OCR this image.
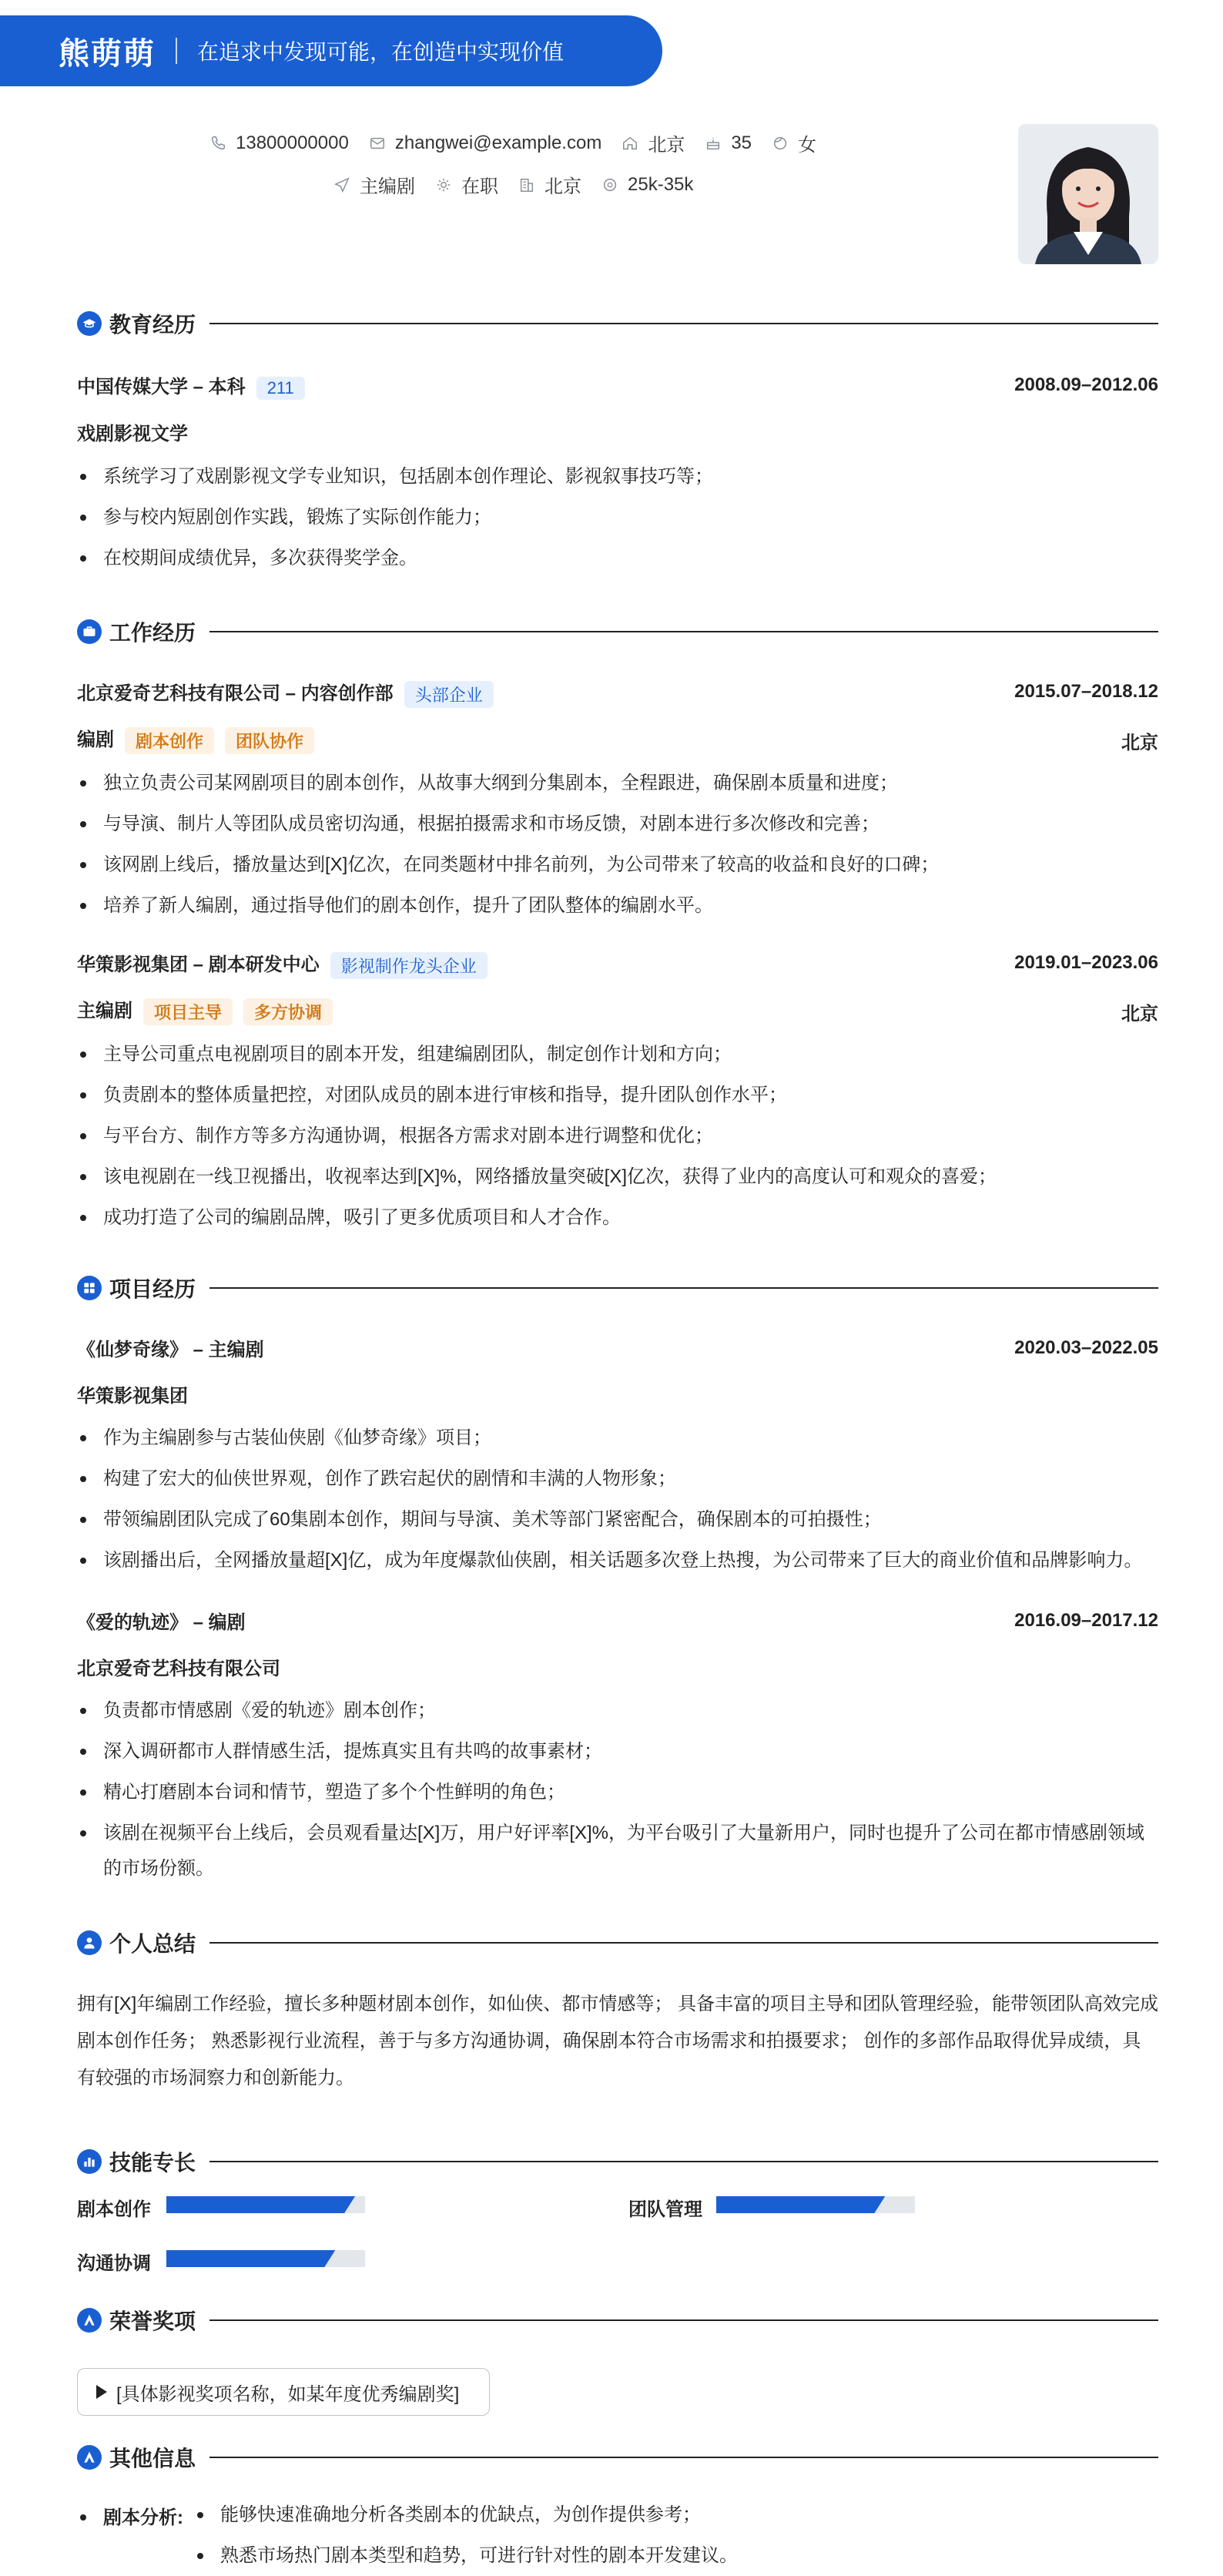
熊萌萌 在追求中发现可能，在创造中实现价值
13800000000	zhangwei@example.com	北京	35	女
主编剧	在职	北京	25k-35k
教育经历
中国传媒大学 – 本科 211	2008.09–2012.06
戏剧影视文学
系统学习了戏剧影视文学专业知识，包括剧本创作理论、影视叙事技巧等；
参与校内短剧创作实践，锻炼了实际创作能力；
在校期间成绩优异，多次获得奖学金。
工作经历
北京爱奇艺科技有限公司 – 内容创作部 头部企业	2015.07–2018.12
编剧 剧本创作 团队协作	北京
独立负责公司某网剧项目的剧本创作，从故事大纲到分集剧本，全程跟进，确保剧本质量和进度；
与导演、制片人等团队成员密切沟通，根据拍摄需求和市场反馈，对剧本进行多次修改和完善；
该网剧上线后，播放量达到[X]亿次，在同类题材中排名前列，为公司带来了较高的收益和良好的口碑；
培养了新人编剧，通过指导他们的剧本创作，提升了团队整体的编剧水平。
华策影视集团 – 剧本研发中心 影视制作龙头企业	2019.01–2023.06
主编剧 项目主导 多方协调	北京
主导公司重点电视剧项目的剧本开发，组建编剧团队，制定创作计划和方向；
负责剧本的整体质量把控，对团队成员的剧本进行审核和指导，提升团队创作水平；
与平台方、制作方等多方沟通协调，根据各方需求对剧本进行调整和优化；
该电视剧在一线卫视播出，收视率达到[X]%，网络播放量突破[X]亿次，获得了业内的高度认可和观众的喜爱；
成功打造了公司的编剧品牌，吸引了更多优质项目和人才合作。
项目经历
《仙梦奇缘》 – 主编剧	2020.03–2022.05
华策影视集团
作为主编剧参与古装仙侠剧《仙梦奇缘》项目；
构建了宏大的仙侠世界观，创作了跌宕起伏的剧情和丰满的人物形象；
带领编剧团队完成了60集剧本创作，期间与导演、美术等部门紧密配合，确保剧本的可拍摄性；
该剧播出后，全网播放量超[X]亿，成为年度爆款仙侠剧，相关话题多次登上热搜，为公司带来了巨大的商业价值和品牌影响力。
《爱的轨迹》 – 编剧	2016.09–2017.12
北京爱奇艺科技有限公司
负责都市情感剧《爱的轨迹》剧本创作；
深入调研都市人群情感生活，提炼真实且有共鸣的故事素材；
精心打磨剧本台词和情节，塑造了多个个性鲜明的角色；
该剧在视频平台上线后，会员观看量达[X]万，用户好评率[X]%，为平台吸引了大量新用户，同时也提升了公司在都市情感剧领域的市场份额。
个人总结
拥有[X]年编剧工作经验，擅长多种题材剧本创作，如仙侠、都市情感等； 具备丰富的项目主导和团队管理经验，能带领团队高效完成剧本创作任务； 熟悉影视行业流程，善于与多方沟通协调，确保剧本符合市场需求和拍摄要求； 创作的多部作品取得优异成绩，具有较强的市场洞察力和创新能力。
技能专长
剧本创作	团队管理
沟通协调
荣誉奖项
[具体影视奖项名称，如某年度优秀编剧奖]
其他信息
剧本分析:	能够快速准确地分析各类剧本的优缺点，为创作提供参考；
熟悉市场热门剧本类型和趋势，可进行针对性的剧本开发建议。
